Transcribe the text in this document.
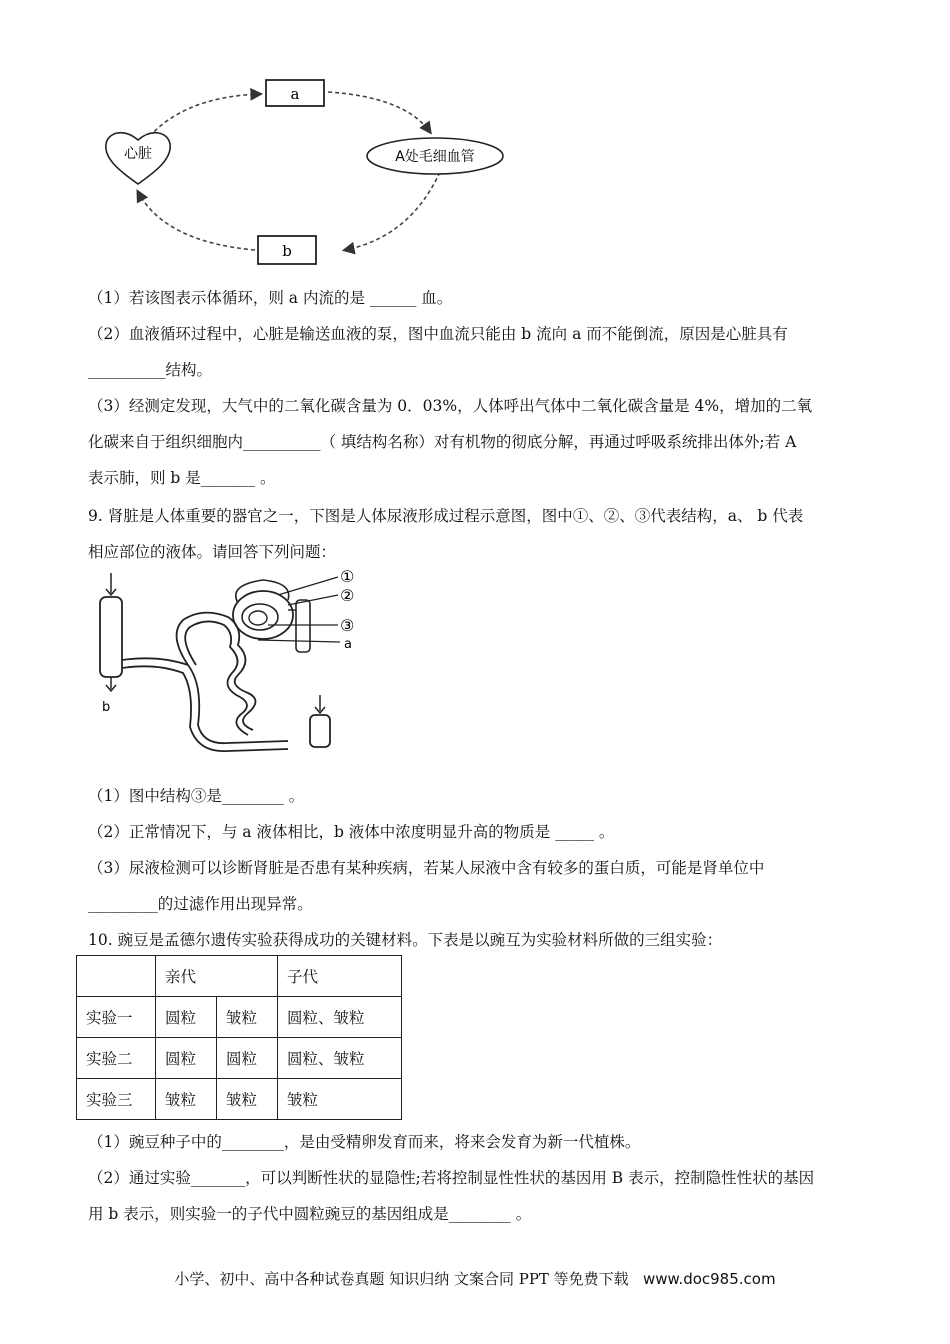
a
b
心脏	A处毛细血管
（1）若该图表示体循环，则 a 内流的是 ______ 血。
（2）血液循环过程中，心脏是输送血液的泵，图中血流只能由 b 流向 a 而不能倒流，原因是心脏具有
__________结构。
（3）经测定发现，大气中的二氧化碳含量为 0．03%，人体呼出气体中二氧化碳含量是 4%，增加的二氧
化碳来自于组织细胞内__________（ 填结构名称）对有机物的彻底分解，再通过呼吸系统排出体外;若 A
表示肺，则 b 是_______ 。
9. 肾脏是人体重要的器官之一，下图是人体尿液形成过程示意图，图中①、②、③代表结构，a、 b 代表
相应部位的液体。请回答下列问题：
b
①
②
③
a
（1）图中结构③是________ 。
（2）正常情况下，与 a 液体相比，b 液体中浓度明显升高的物质是 _____ 。
（3）尿液检测可以诊断肾脏是否患有某种疾病，若某人尿液中含有较多的蛋白质，可能是肾单位中
_________的过滤作用出现异常。
10. 豌豆是孟德尔遗传实验获得成功的关键材料。下表是以豌互为实验材料所做的三组实验：
	亲代		子代
实验一	圆粒	皱粒	圆粒、皱粒
实验二	圆粒	圆粒	圆粒、皱粒
实验三	皱粒	皱粒	皱粒
（1）豌豆种子中的________，是由受精卵发育而来，将来会发育为新一代植株。
（2）通过实验_______，可以判断性状的显隐性;若将控制显性性状的基因用 B 表示，控制隐性性状的基因
用 b 表示，则实验一的子代中圆粒豌豆的基因组成是________ 。
小学、初中、高中各种试卷真题 知识归纳 文案合同 PPT 等免费下载 www.doc985.com
